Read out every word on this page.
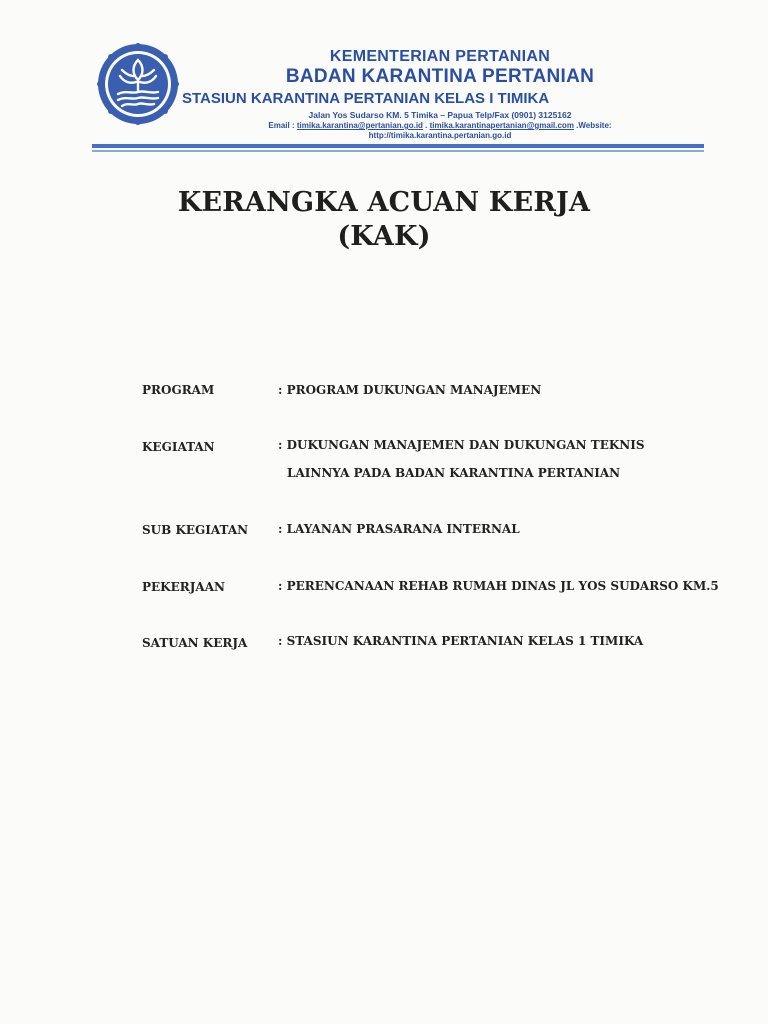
KEMENTERIAN PERTANIAN
BADAN KARANTINA PERTANIAN
STASIUN KARANTINA PERTANIAN KELAS I TIMIKA
Jalan Yos Sudarso KM. 5 Timika – Papua Telp/Fax (0901) 3125162
Email : timika.karantina@pertanian.go.id . timika.karantinapertanian@gmail.com .Website:
http://timika.karantina.pertanian.go.id
KERANGKA ACUAN KERJA
(KAK)
PROGRAM	: PROGRAM DUKUNGAN MANAJEMEN
KEGIATAN	: DUKUNGAN MANAJEMEN DAN DUKUNGAN TEKNIS
LAINNYA PADA BADAN KARANTINA PERTANIAN
SUB KEGIATAN : LAYANAN PRASARANA INTERNAL
PEKERJAAN	: PERENCANAAN REHAB RUMAH DINAS JL YOS SUDARSO KM.5
SATUAN KERJA	: STASIUN KARANTINA PERTANIAN KELAS 1 TIMIKA
